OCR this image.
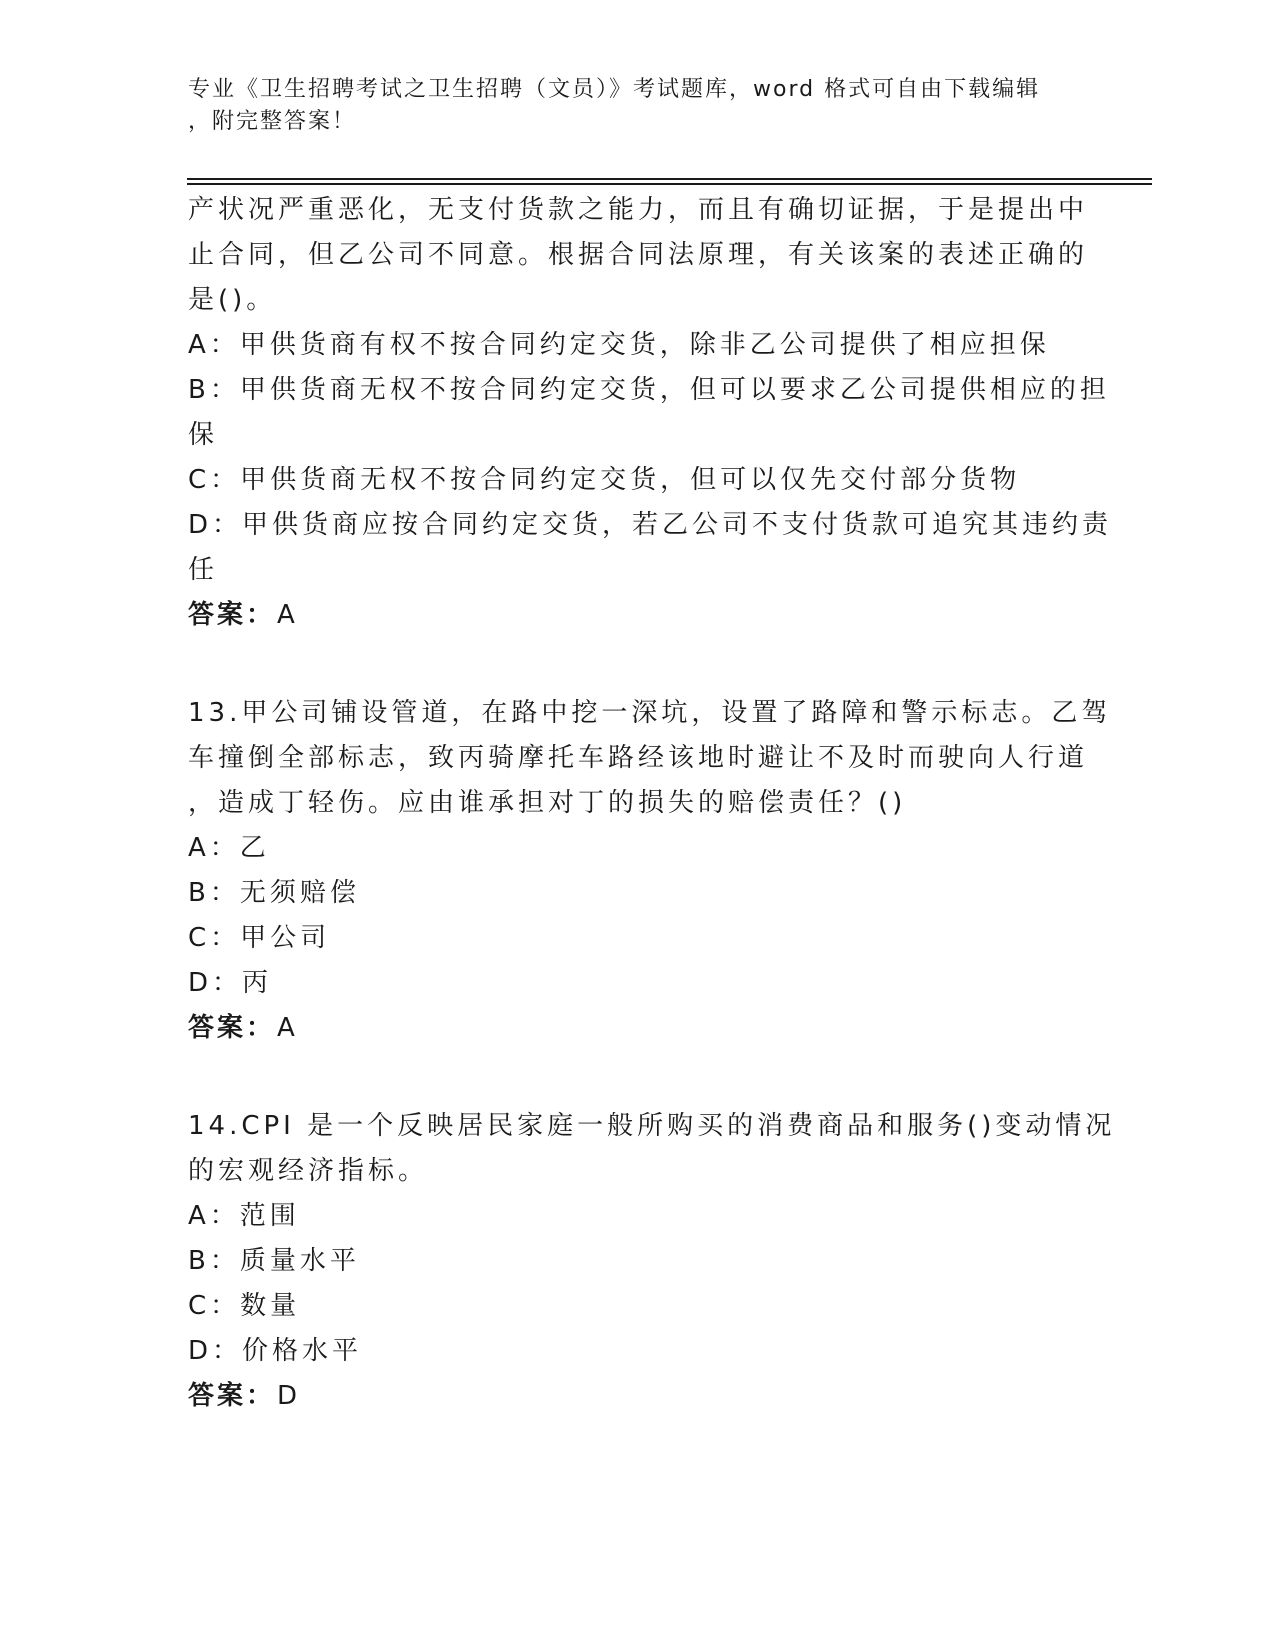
专业《卫生招聘考试之卫生招聘（文员）》考试题库，word 格式可自由下载编辑
，附完整答案！
产状况严重恶化，无支付货款之能力，而且有确切证据，于是提出中
止合同，但乙公司不同意。根据合同法原理，有关该案的表述正确的
是()。
A：甲供货商有权不按合同约定交货，除非乙公司提供了相应担保
B：甲供货商无权不按合同约定交货，但可以要求乙公司提供相应的担
保
C：甲供货商无权不按合同约定交货，但可以仅先交付部分货物
D：甲供货商应按合同约定交货，若乙公司不支付货款可追究其违约责
任
答案：A
13.甲公司铺设管道，在路中挖一深坑，设置了路障和警示标志。乙驾
车撞倒全部标志，致丙骑摩托车路经该地时避让不及时而驶向人行道
，造成丁轻伤。应由谁承担对丁的损失的赔偿责任？()
A：乙
B：无须赔偿
C：甲公司
D：丙
答案：A
14.CPI 是一个反映居民家庭一般所购买的消费商品和服务()变动情况
的宏观经济指标。
A：范围
B：质量水平
C：数量
D：价格水平
答案：D
